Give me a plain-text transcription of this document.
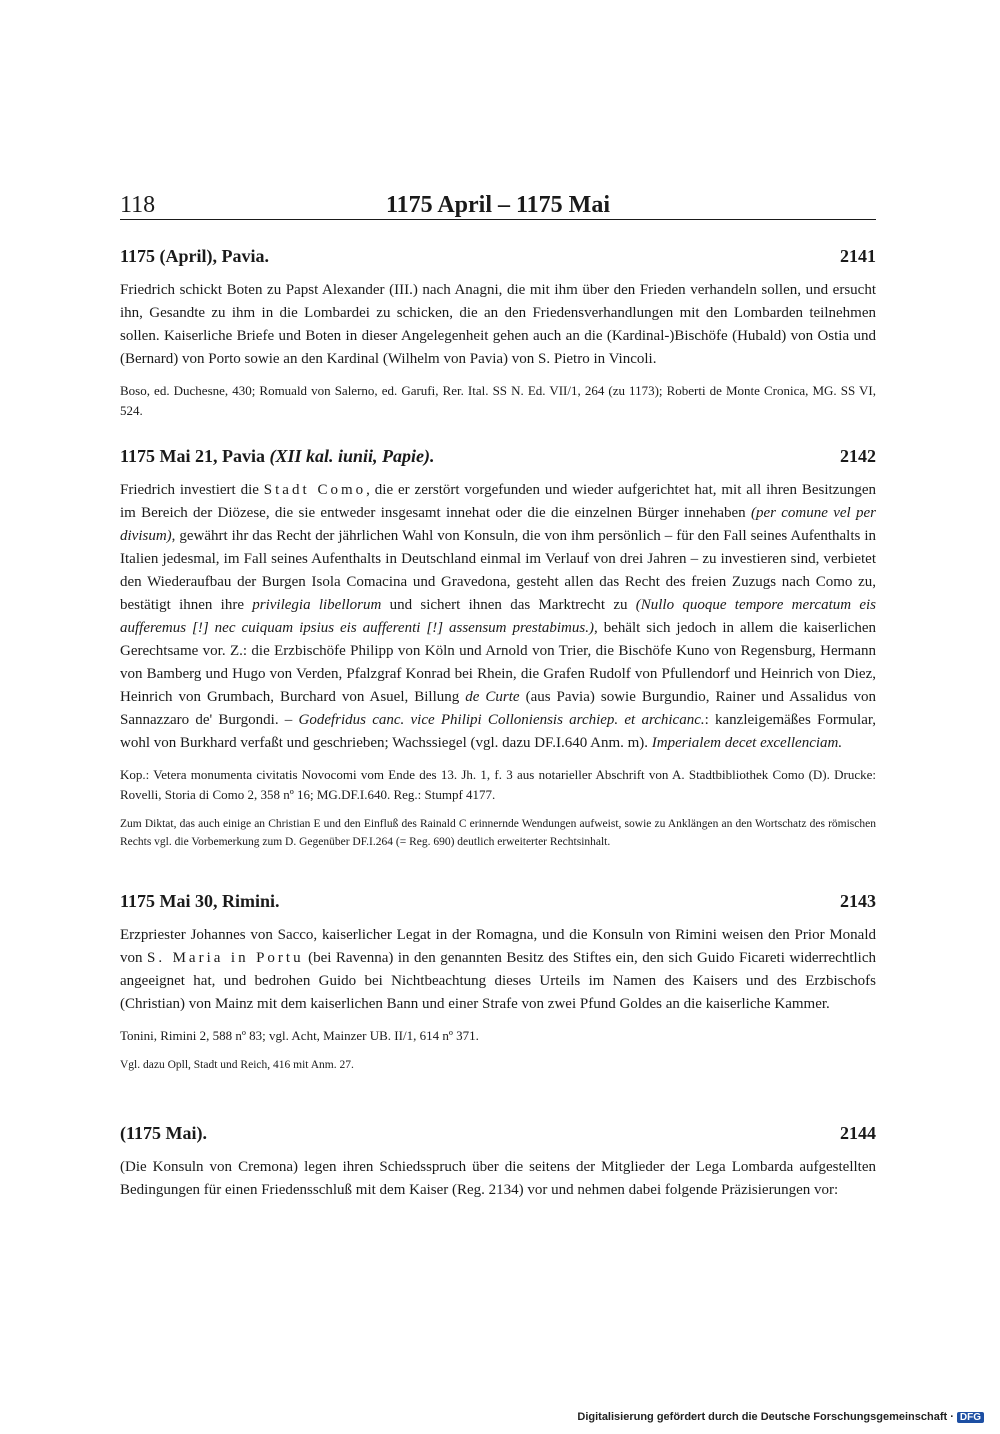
118	1175 April – 1175 Mai
1175 (April), Pavia.	2141

Friedrich schickt Boten zu Papst Alexander (III.) nach Anagni, die mit ihm über den Frieden verhandeln sollen, und ersucht ihn, Gesandte zu ihm in die Lombardei zu schicken, die an den Friedensverhandlungen mit den Lombarden teilnehmen sollen. Kaiserliche Briefe und Boten in dieser Angelegenheit gehen auch an die (Kardinal-)Bischöfe (Hubald) von Ostia und (Bernard) von Porto sowie an den Kardinal (Wilhelm von Pavia) von S. Pietro in Vincoli.

Boso, ed. Duchesne, 430; Romuald von Salerno, ed. Garufi, Rer. Ital. SS N. Ed. VII/1, 264 (zu 1173); Roberti de Monte Cronica, MG. SS VI, 524.

1175 Mai 21, Pavia (XII kal. iunii, Papie).	2142

Friedrich investiert die Stadt Como, die er zerstört vorgefunden und wieder aufgerichtet hat, mit all ihren Besitzungen im Bereich der Diözese, die sie entweder insgesamt innehat oder die die einzelnen Bürger innehaben (per comune vel per divisum), gewährt ihr das Recht der jährlichen Wahl von Konsuln, die von ihm persönlich – für den Fall seines Aufenthalts in Italien jedesmal, im Fall seines Aufenthalts in Deutschland einmal im Verlauf von drei Jahren – zu investieren sind, verbietet den Wiederaufbau der Burgen Isola Comacina und Gravedona, gesteht allen das Recht des freien Zuzugs nach Como zu, bestätigt ihnen ihre privilegia libellorum und sichert ihnen das Marktrecht zu (Nullo quoque tempore mercatum eis aufferemus [!] nec cuiquam ipsius eis aufferenti [!] assensum prestabimus.), behält sich jedoch in allem die kaiserlichen Gerechtsame vor. Z.: die Erzbischöfe Philipp von Köln und Arnold von Trier, die Bischöfe Kuno von Regensburg, Hermann von Bamberg und Hugo von Verden, Pfalzgraf Konrad bei Rhein, die Grafen Rudolf von Pfullendorf und Heinrich von Diez, Heinrich von Grumbach, Burchard von Asuel, Billung de Curte (aus Pavia) sowie Burgundio, Rainer und Assalidus von Sannazzaro de' Burgondi. – Godefridus canc. vice Philipi Colloniensis archiep. et archicanc.: kanzleigemäßes Formular, wohl von Burkhard verfaßt und geschrieben; Wachssiegel (vgl. dazu DF.I.640 Anm. m). Imperialem decet excellenciam.

Kop.: Vetera monumenta civitatis Novocomi vom Ende des 13. Jh. 1, f. 3 aus notarieller Abschrift von A. Stadtbibliothek Como (D). Drucke: Rovelli, Storia di Como 2, 358 nº 16; MG.DF.I.640. Reg.: Stumpf 4177.

Zum Diktat, das auch einige an Christian E und den Einfluß des Rainald C erinnernde Wendungen aufweist, sowie zu Anklängen an den Wortschatz des römischen Rechts vgl. die Vorbemerkung zum D. Gegenüber DF.I.264 (= Reg. 690) deutlich erweiterter Rechtsinhalt.

1175 Mai 30, Rimini.	2143

Erzpriester Johannes von Sacco, kaiserlicher Legat in der Romagna, und die Konsuln von Rimini weisen den Prior Monald von S. Maria in Portu (bei Ravenna) in den genannten Besitz des Stiftes ein, den sich Guido Ficareti widerrechtlich angeeignet hat, und bedrohen Guido bei Nichtbeachtung dieses Urteils im Namen des Kaisers und des Erzbischofs (Christian) von Mainz mit dem kaiserlichen Bann und einer Strafe von zwei Pfund Goldes an die kaiserliche Kammer.

Tonini, Rimini 2, 588 nº 83; vgl. Acht, Mainzer UB. II/1, 614 nº 371.

Vgl. dazu Opll, Stadt und Reich, 416 mit Anm. 27.

(1175 Mai).	2144

(Die Konsuln von Cremona) legen ihren Schiedsspruch über die seitens der Mitglieder der Lega Lombarda aufgestellten Bedingungen für einen Friedensschluß mit dem Kaiser (Reg. 2134) vor und nehmen dabei folgende Präzisierungen vor:

Digitalisierung gefördert durch die Deutsche Forschungsgemeinschaft · DFG
